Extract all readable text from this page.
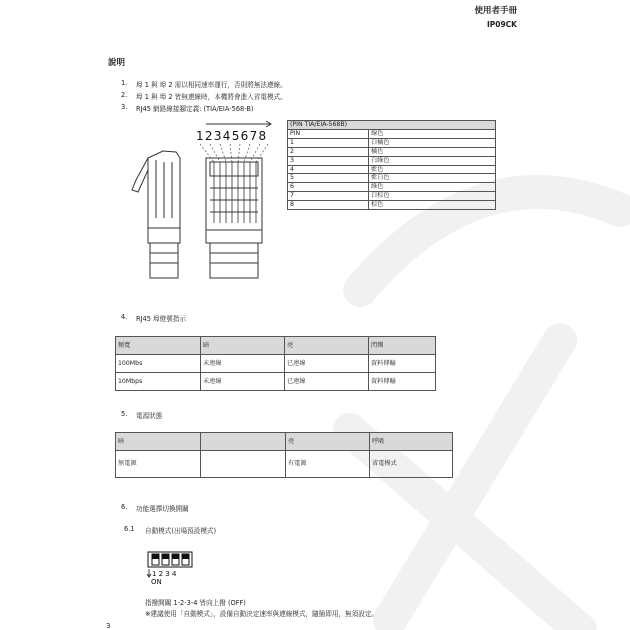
使用者手冊
IP09CK
說明
1. 埠 1 與 埠 2 需以相同速率運行，否則將無法連線。
2. 埠 1 與 埠 2 皆無連線時，本機將會進入省電模式。
3. RJ45 網路線接腳定義: (TIA/EIA-568-B)
12345678
(PIN TIA/EIA-568B)	
PIN	線色
1	白橘色
2	橘色
3	白綠色
4	藍色
5	藍白色
6	綠色
7	白棕色
8	棕色
4. RJ45 埠燈號指示
頻寬	暗	亮	閃爍
100Mbs	未連線	已連線	資料傳輸
10Mbps	未連線	已連線	資料傳輸
5. 電源狀態
暗		亮	呼吸
無電源		有電源	省電模式
6. 功能選擇切換開關
6.1 自動模式(出場預設模式)
1 2 3 4
ON
指撥開關 1-2-3-4 皆向上撥 (OFF)
※建議使用「自動模式」，設備自動決定速率與連線模式，隨插即用，無須設定。
3
